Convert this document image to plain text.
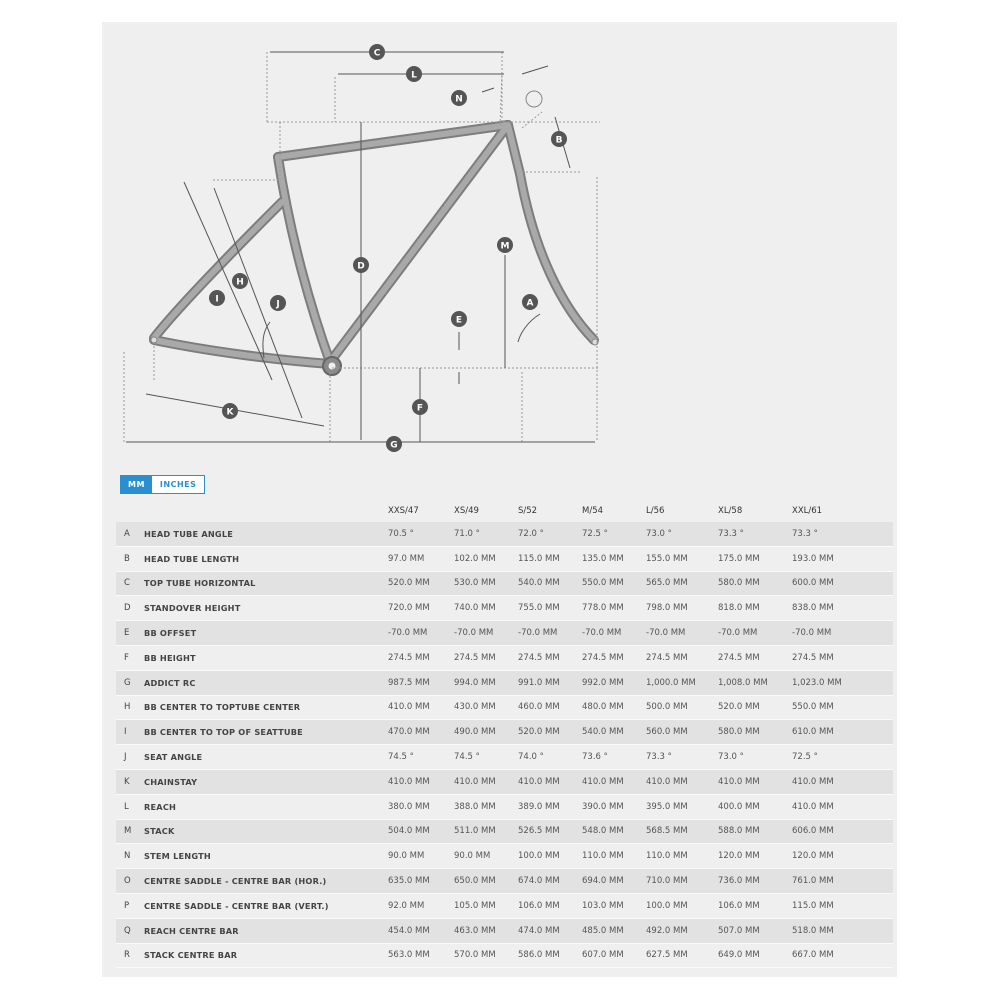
C
L
N
B
D
M
H
I	J	A
E
F
K
G
MM	INCHES
		XXS/47	XS/49	S/52	M/54	L/56	XL/58	XXL/61
A	HEAD TUBE ANGLE	70.5 °	71.0 °	72.0 °	72.5 °	73.0 °	73.3 °	73.3 °
B	HEAD TUBE LENGTH	97.0 MM	102.0 MM	115.0 MM	135.0 MM	155.0 MM	175.0 MM	193.0 MM
C	TOP TUBE HORIZONTAL	520.0 MM	530.0 MM	540.0 MM	550.0 MM	565.0 MM	580.0 MM	600.0 MM
D	STANDOVER HEIGHT	720.0 MM	740.0 MM	755.0 MM	778.0 MM	798.0 MM	818.0 MM	838.0 MM
E	BB OFFSET	-70.0 MM	-70.0 MM	-70.0 MM	-70.0 MM	-70.0 MM	-70.0 MM	-70.0 MM
F	BB HEIGHT	274.5 MM	274.5 MM	274.5 MM	274.5 MM	274.5 MM	274.5 MM	274.5 MM
G	ADDICT RC	987.5 MM	994.0 MM	991.0 MM	992.0 MM	1,000.0 MM	1,008.0 MM	1,023.0 MM
H	BB CENTER TO TOPTUBE CENTER	410.0 MM	430.0 MM	460.0 MM	480.0 MM	500.0 MM	520.0 MM	550.0 MM
I	BB CENTER TO TOP OF SEATTUBE	470.0 MM	490.0 MM	520.0 MM	540.0 MM	560.0 MM	580.0 MM	610.0 MM
J	SEAT ANGLE	74.5 °	74.5 °	74.0 °	73.6 °	73.3 °	73.0 °	72.5 °
K	CHAINSTAY	410.0 MM	410.0 MM	410.0 MM	410.0 MM	410.0 MM	410.0 MM	410.0 MM
L	REACH	380.0 MM	388.0 MM	389.0 MM	390.0 MM	395.0 MM	400.0 MM	410.0 MM
M	STACK	504.0 MM	511.0 MM	526.5 MM	548.0 MM	568.5 MM	588.0 MM	606.0 MM
N	STEM LENGTH	90.0 MM	90.0 MM	100.0 MM	110.0 MM	110.0 MM	120.0 MM	120.0 MM
O	CENTRE SADDLE - CENTRE BAR (HOR.)	635.0 MM	650.0 MM	674.0 MM	694.0 MM	710.0 MM	736.0 MM	761.0 MM
P	CENTRE SADDLE - CENTRE BAR (VERT.)	92.0 MM	105.0 MM	106.0 MM	103.0 MM	100.0 MM	106.0 MM	115.0 MM
Q	REACH CENTRE BAR	454.0 MM	463.0 MM	474.0 MM	485.0 MM	492.0 MM	507.0 MM	518.0 MM
R	STACK CENTRE BAR	563.0 MM	570.0 MM	586.0 MM	607.0 MM	627.5 MM	649.0 MM	667.0 MM
